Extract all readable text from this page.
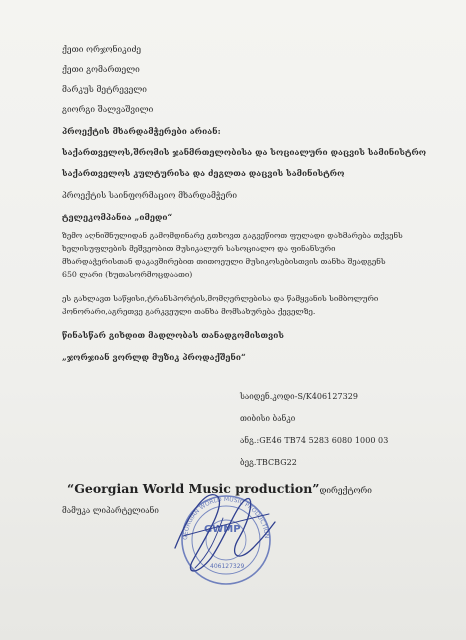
ქეთი ორჯონიკიძე
ქეთი გომართელი
მარკუს მეტრეველი
გიორგი შალვაშვილი
პროექტის მხარდამჭერები არიან:
საქართველოს,შრომის ჯანმრთელობისა და სოციალური დაცვის სამინისტრო
საქართველოს კულტურისა და ძეგლთა დაცვის სამინისტრო
პროექტის საინფორმაციო მხარდამჭერი
ტელეკომპანია „იმედი“
ზემო აღნიშნულიდან გამომდინარე გთხოვთ გაგვეწიოთ ფულადი დახმარება თქვენს
ხელისუფლების მეშვეობით მუსიკალურ სასოციალო და ფინანსური
მხარდაჭერისთან დაკავშირებით თითოეული მუსიკოსებისთვის თანხა შეადგენს
650 ლარი (ხუთასორმოცდაათი)
ეს გახლავთ საწყისი,ტრანსპორტის,მომღერლებისა და წამყვანის სიმბოლური
ჰონორარი,აგრეთვე გარკვეული თანხა მომსახურება ქეველზე.
წინასწარ გიხდით მადლობას თანადგომისთვის
„ჯორჯიან ვორლდ მუზიკ პროდაქშენი“
საიდენ.კოდი-S/K406127329
თიბისი ბანკი
ანგ.:GE46 TB74 5283 6080 1000 03
ბეგ.TBCBG22
GEORGIAN WORLD MUSIC PRODUCTION
GWMP
406127329
“Georgian World Music production”დირექტორი
მამუკა ლიპარტელიანი
